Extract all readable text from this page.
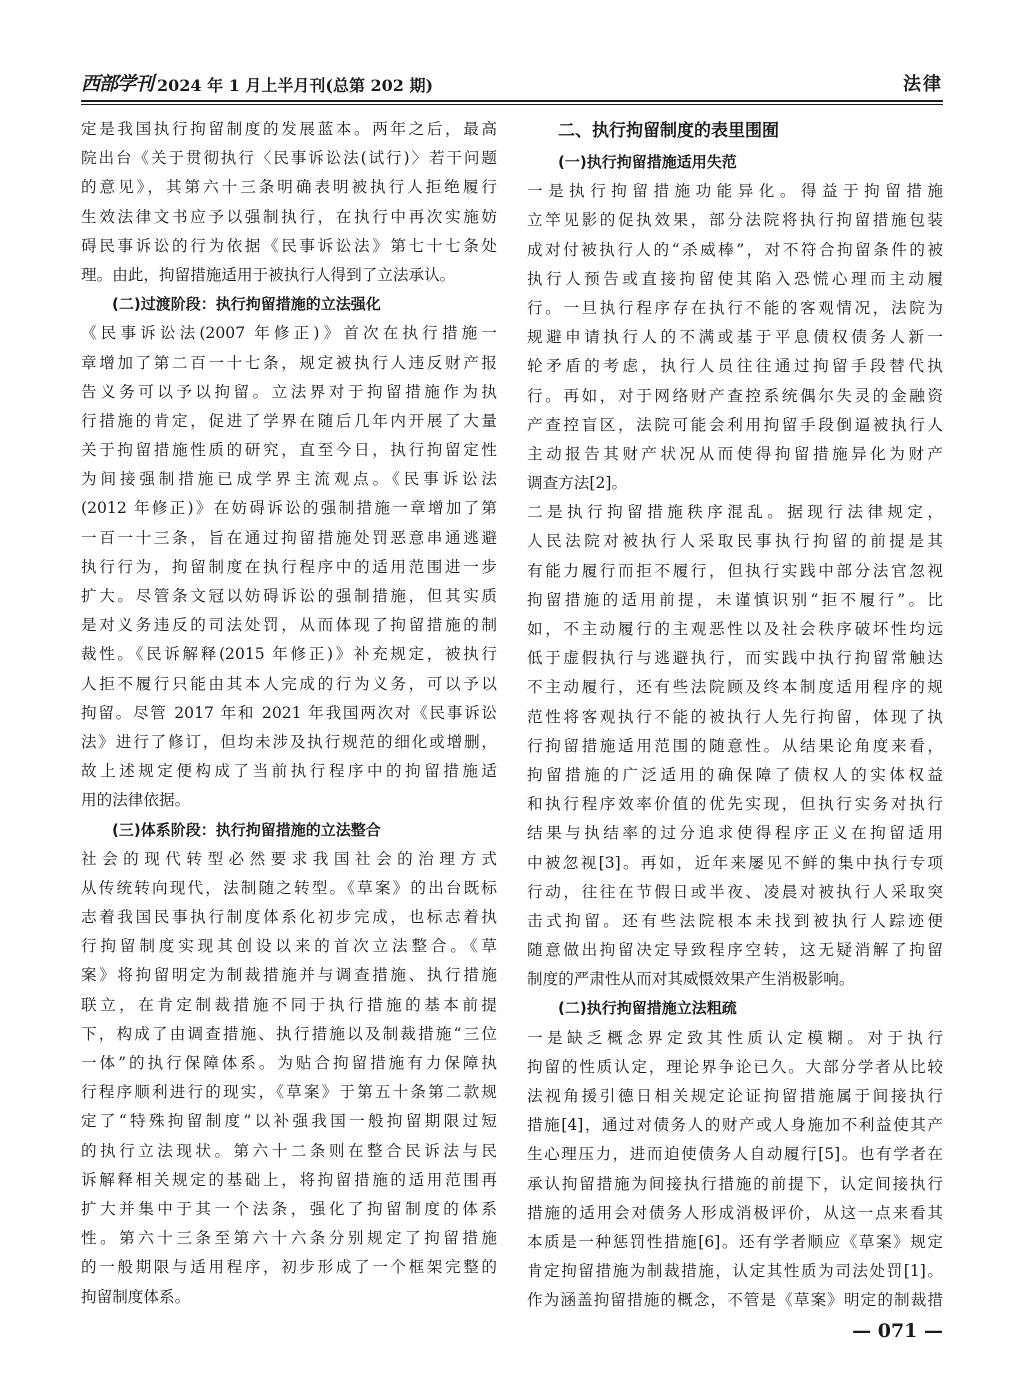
西部学刊 2024 年 1 月上半月刊(总第 202 期)	法律
定是我国执行拘留制度的发展蓝本。两年之后，最高
院出台《关于贯彻执行〈民事诉讼法(试行)〉若干问题
的意见》，其第六十三条明确表明被执行人拒绝履行
生效法律文书应予以强制执行，在执行中再次实施妨
碍民事诉讼的行为依据《民事诉讼法》第七十七条处
理。由此，拘留措施适用于被执行人得到了立法承认。
(二)过渡阶段：执行拘留措施的立法强化
《民事诉讼法(2007 年修正)》首次在执行措施一
章增加了第二百一十七条，规定被执行人违反财产报
告义务可以予以拘留。立法界对于拘留措施作为执
行措施的肯定，促进了学界在随后几年内开展了大量
关于拘留措施性质的研究，直至今日，执行拘留定性
为间接强制措施已成学界主流观点。《民事诉讼法
(2012 年修正)》在妨碍诉讼的强制措施一章增加了第
一百一十三条，旨在通过拘留措施处罚恶意串通逃避
执行行为，拘留制度在执行程序中的适用范围进一步
扩大。尽管条文冠以妨碍诉讼的强制措施，但其实质
是对义务违反的司法处罚，从而体现了拘留措施的制
裁性。《民诉解释(2015 年修正)》补充规定，被执行
人拒不履行只能由其本人完成的行为义务，可以予以
拘留。尽管 2017 年和 2021 年我国两次对《民事诉讼
法》进行了修订，但均未涉及执行规范的细化或增删，
故上述规定便构成了当前执行程序中的拘留措施适
用的法律依据。
(三)体系阶段：执行拘留措施的立法整合
社会的现代转型必然要求我国社会的治理方式
从传统转向现代，法制随之转型。《草案》的出台既标
志着我国民事执行制度体系化初步完成，也标志着执
行拘留制度实现其创设以来的首次立法整合。《草
案》将拘留明定为制裁措施并与调查措施、执行措施
联立，在肯定制裁措施不同于执行措施的基本前提
下，构成了由调查措施、执行措施以及制裁措施“三位
一体”的执行保障体系。为贴合拘留措施有力保障执
行程序顺利进行的现实，《草案》于第五十条第二款规
定了“特殊拘留制度”以补强我国一般拘留期限过短
的执行立法现状。第六十二条则在整合民诉法与民
诉解释相关规定的基础上，将拘留措施的适用范围再
扩大并集中于其一个法条，强化了拘留制度的体系
性。第六十三条至第六十六条分别规定了拘留措施
的一般期限与适用程序，初步形成了一个框架完整的
拘留制度体系。
二、执行拘留制度的表里围囿
(一)执行拘留措施适用失范
一是执行拘留措施功能异化。得益于拘留措施
立竿见影的促执效果，部分法院将执行拘留措施包装
成对付被执行人的“杀威棒”，对不符合拘留条件的被
执行人预告或直接拘留使其陷入恐慌心理而主动履
行。一旦执行程序存在执行不能的客观情况，法院为
规避申请执行人的不满或基于平息债权债务人新一
轮矛盾的考虑，执行人员往往通过拘留手段替代执
行。再如，对于网络财产查控系统偶尔失灵的金融资
产查控盲区，法院可能会利用拘留手段倒逼被执行人
主动报告其财产状况从而使得拘留措施异化为财产
调查方法[2]。
二是执行拘留措施秩序混乱。据现行法律规定，
人民法院对被执行人采取民事执行拘留的前提是其
有能力履行而拒不履行，但执行实践中部分法官忽视
拘留措施的适用前提，未谨慎识别“拒不履行”。比
如，不主动履行的主观恶性以及社会秩序破坏性均远
低于虚假执行与逃避执行，而实践中执行拘留常触达
不主动履行，还有些法院顾及终本制度适用程序的规
范性将客观执行不能的被执行人先行拘留，体现了执
行拘留措施适用范围的随意性。从结果论角度来看，
拘留措施的广泛适用的确保障了债权人的实体权益
和执行程序效率价值的优先实现，但执行实务对执行
结果与执结率的过分追求使得程序正义在拘留适用
中被忽视[3]。再如，近年来屡见不鲜的集中执行专项
行动，往往在节假日或半夜、凌晨对被执行人采取突
击式拘留。还有些法院根本未找到被执行人踪迹便
随意做出拘留决定导致程序空转，这无疑消解了拘留
制度的严肃性从而对其威慑效果产生消极影响。
(二)执行拘留措施立法粗疏
一是缺乏概念界定致其性质认定模糊。对于执行
拘留的性质认定，理论界争论已久。大部分学者从比较
法视角援引德日相关规定论证拘留措施属于间接执行
措施[4]，通过对债务人的财产或人身施加不利益使其产
生心理压力，进而迫使债务人自动履行[5]。也有学者在
承认拘留措施为间接执行措施的前提下，认定间接执行
措施的适用会对债务人形成消极评价，从这一点来看其
本质是一种惩罚性措施[6]。还有学者顺应《草案》规定
肯定拘留措施为制裁措施，认定其性质为司法处罚[1]。
作为涵盖拘留措施的概念，不管是《草案》明定的制裁措
— 071 —
